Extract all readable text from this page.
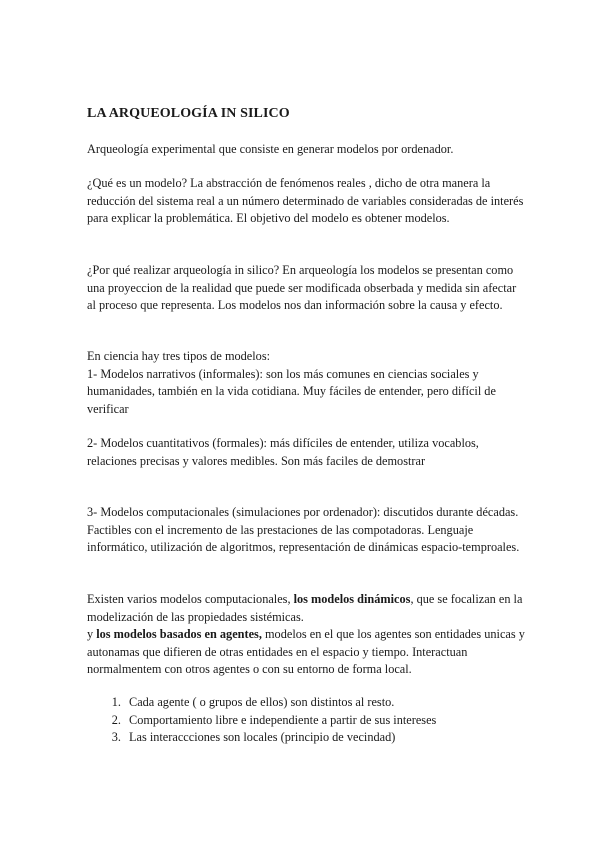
LA ARQUEOLOGÍA IN SILICO
Arqueología experimental que consiste en generar modelos por ordenador.
¿Qué es un modelo? La abstracción de fenómenos reales , dicho de otra manera la reducción del sistema real a un número determinado de variables consideradas de interés para explicar la problemática. El objetivo del modelo es obtener modelos.
¿Por qué realizar arqueología in silico? En arqueología los modelos se presentan como una proyeccion de la realidad que puede ser modificada obserbada y medida sin afectar al proceso que representa. Los modelos nos dan información sobre la causa y efecto.
En ciencia hay tres tipos de modelos:
1- Modelos narrativos (informales): son los más comunes en ciencias sociales y humanidades, también en la vida cotidiana. Muy fáciles de entender, pero difícil de verificar
2- Modelos cuantitativos (formales): más difíciles de entender, utiliza vocablos, relaciones precisas y valores medibles. Son más faciles de demostrar
3- Modelos computacionales (simulaciones por ordenador): discutidos durante décadas. Factibles con el incremento de las prestaciones de las compotadoras. Lenguaje informático, utilización de algoritmos, representación de dinámicas espacio-temproales.
Existen varios modelos computacionales, los modelos dinámicos, que se focalizan en la modelización de las propiedades sistémicas.
y los modelos basados en agentes, modelos en el que los agentes son entidades unicas y autonamas que difieren de otras entidades en el espacio y tiempo. Interactuan normalmentem con otros agentes o con su entorno de forma local.
1. Cada agente ( o grupos de ellos) son distintos al resto.
2. Comportamiento libre e independiente a partir de sus intereses
3. Las interaccciones son locales (principio de vecindad)
